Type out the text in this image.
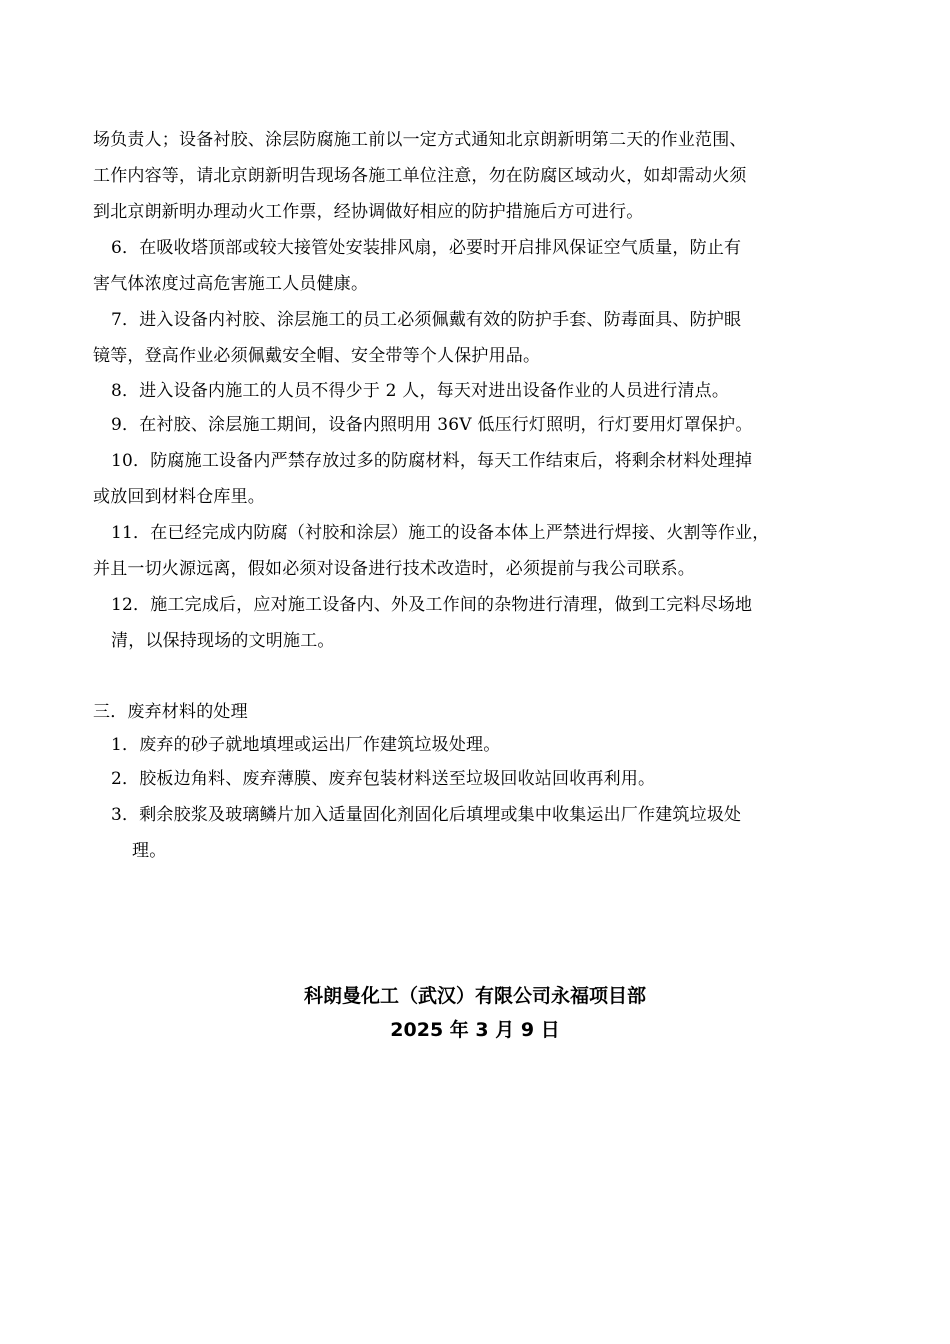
场负责人；设备衬胶、涂层防腐施工前以一定方式通知北京朗新明第二天的作业范围、
工作内容等，请北京朗新明告现场各施工单位注意，勿在防腐区域动火，如却需动火须
到北京朗新明办理动火工作票，经协调做好相应的防护措施后方可进行。
6．在吸收塔顶部或较大接管处安装排风扇，必要时开启排风保证空气质量，防止有
害气体浓度过高危害施工人员健康。
7．进入设备内衬胶、涂层施工的员工必须佩戴有效的防护手套、防毒面具、防护眼
镜等，登高作业必须佩戴安全帽、安全带等个人保护用品。
8．进入设备内施工的人员不得少于 2 人，每天对进出设备作业的人员进行清点。
9．在衬胶、涂层施工期间，设备内照明用 36V 低压行灯照明，行灯要用灯罩保护。
10．防腐施工设备内严禁存放过多的防腐材料，每天工作结束后，将剩余材料处理掉
或放回到材料仓库里。
11．在已经完成内防腐（衬胶和涂层）施工的设备本体上严禁进行焊接、火割等作业，
并且一切火源远离，假如必须对设备进行技术改造时，必须提前与我公司联系。
12．施工完成后，应对施工设备内、外及工作间的杂物进行清理，做到工完料尽场地
清，以保持现场的文明施工。
三．废弃材料的处理
1．废弃的砂子就地填埋或运出厂作建筑垃圾处理。
2．胶板边角料、废弃薄膜、废弃包装材料送至垃圾回收站回收再利用。
3．剩余胶浆及玻璃鳞片加入适量固化剂固化后填埋或集中收集运出厂作建筑垃圾处
理。
科朗曼化工（武汉）有限公司永福项目部
2025 年 3 月 9 日
